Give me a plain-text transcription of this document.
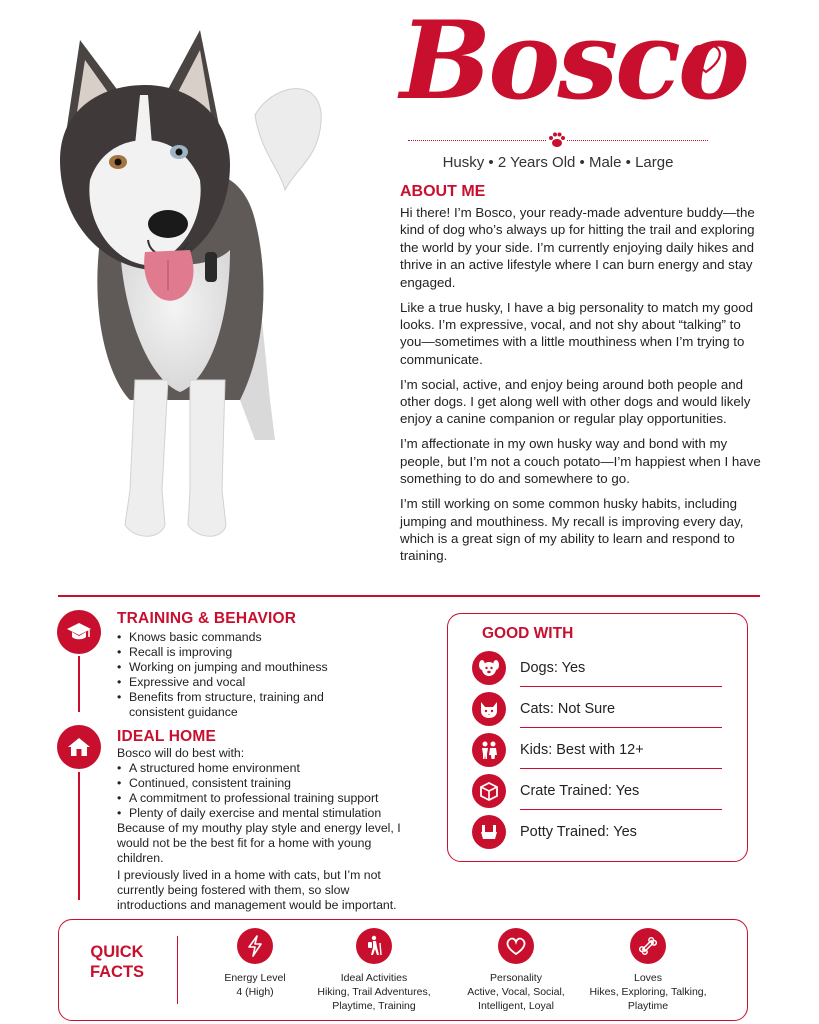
Bosco
Husky • 2 Years Old • Male • Large
ABOUT ME

Hi there! I’m Bosco, your ready-made adventure buddy—the kind of dog who’s always up for hitting the trail and exploring the world by your side. I’m currently enjoying daily hikes and thrive in an active lifestyle where I can burn energy and stay engaged.

Like a true husky, I have a big personality to match my good looks. I’m expressive, vocal, and not shy about “talking” to you—sometimes with a little mouthiness when I’m trying to communicate.

I’m social, active, and enjoy being around both people and other dogs. I get along well with other dogs and would likely enjoy a canine companion or regular play opportunities.

I’m affectionate in my own husky way and bond with my people, but I’m not a couch potato—I’m happiest when I have something to do and somewhere to go.

I’m still working on some common husky habits, including jumping and mouthiness. My recall is improving every day, which is a great sign of my ability to learn and respond to training.

TRAINING & BEHAVIOR
• Knows basic commands
• Recall is improving
• Working on jumping and mouthiness
• Expressive and vocal
• Benefits from structure, training and consistent guidance
IDEAL HOME
Bosco will do best with:
• A structured home environment
• Continued, consistent training
• A commitment to professional training support
• Plenty of daily exercise and mental stimulation
Because of my mouthy play style and energy level, I would not be the best fit for a home with young children.
I previously lived in a home with cats, but I’m not currently being fostered with them, so slow introductions and management would be important.
GOOD WITH
Dogs: Yes
Cats: Not Sure
Kids: Best with 12+
Crate Trained: Yes
Potty Trained: Yes
QUICK
FACTS	Energy Level
4 (High)
Ideal Activities
Hiking, Trail Adventures, Playtime, Training
Personality
Active, Vocal, Social, Intelligent, Loyal
Loves
Hikes, Exploring, Talking, Playtime
